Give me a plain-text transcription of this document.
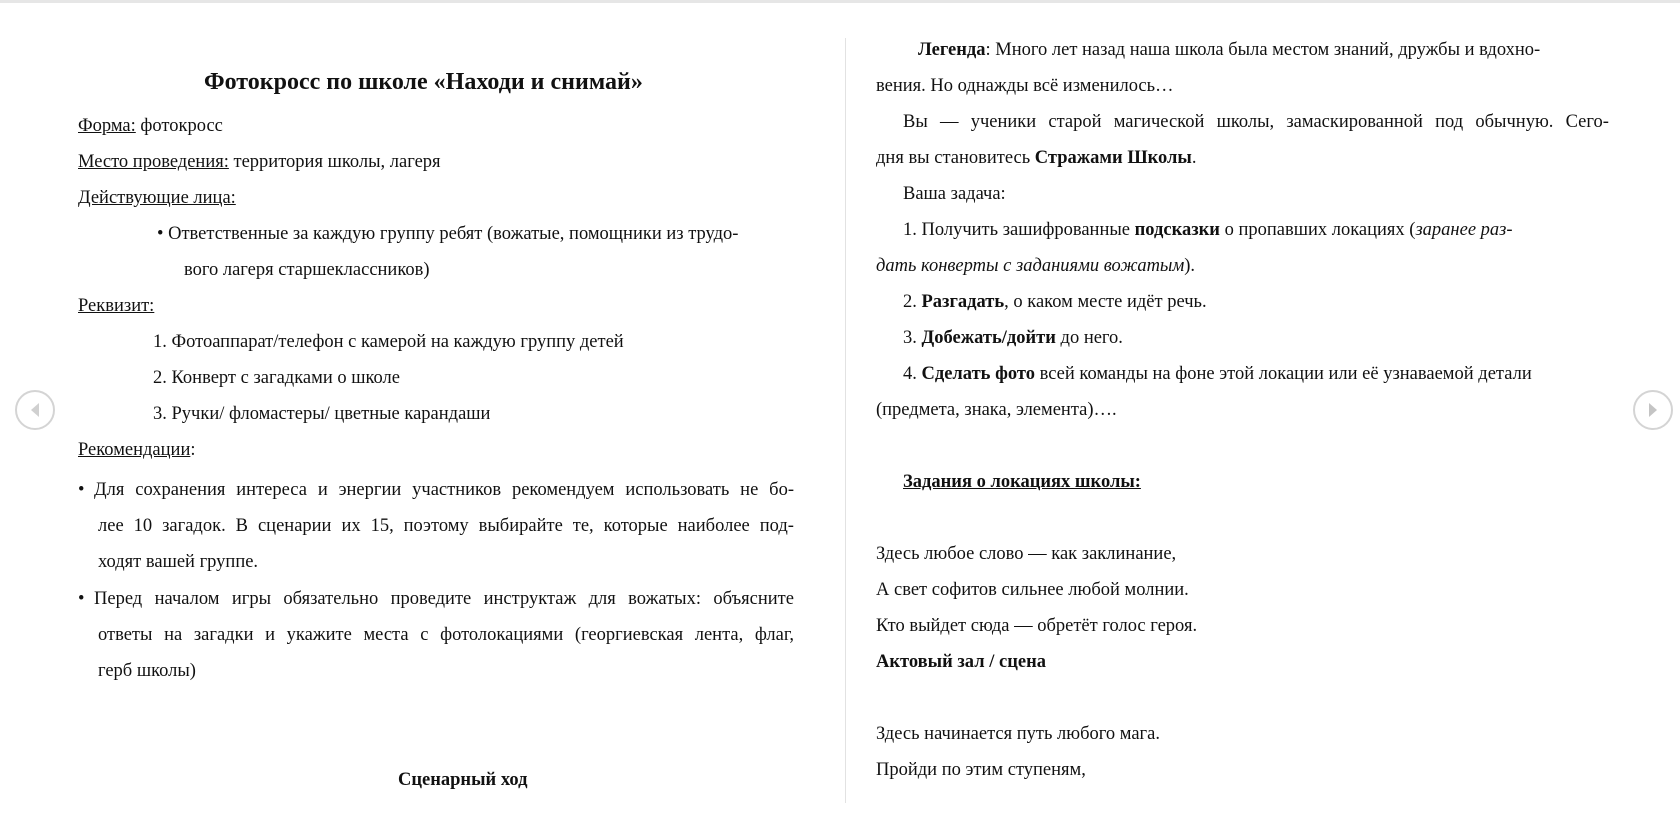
Фотокросс по школе «Находи и снимай»
Форма: фотокросс
Место проведения: территория школы, лагеря
Действующие лица:
• Ответственные за каждую группу ребят (вожатые, помощники из трудо-
вого лагеря старшеклассников)
Реквизит:
1. Фотоаппарат/телефон с камерой на каждую группу детей
2. Конверт с загадками о школе
3. Ручки/ фломастеры/ цветные карандаши
Рекомендации:
• Для сохранения интереса и энергии участников рекомендуем использовать не бо-
лее 10 загадок. В сценарии их 15, поэтому выбирайте те, которые наиболее под-
ходят вашей группе.
• Перед началом игры обязательно проведите инструктаж для вожатых: объясните
ответы на загадки и укажите места с фотолокациями (георгиевская лента, флаг,
герб школы)
Сценарный ход
Легенда: Много лет назад наша школа была местом знаний, дружбы и вдохно-
вения. Но однажды всё изменилось…
Вы — ученики старой магической школы, замаскированной под обычную. Сего-
дня вы становитесь Стражами Школы.
Ваша задача:
1. Получить зашифрованные подсказки о пропавших локациях (заранее раз-
дать конверты с заданиями вожатым).
2. Разгадать, о каком месте идёт речь.
3. Добежать/дойти до него.
4. Сделать фото всей команды на фоне этой локации или её узнаваемой детали
(предмета, знака, элемента)….
Задания о локациях школы:
Здесь любое слово — как заклинание,
А свет софитов сильнее любой молнии.
Кто выйдет сюда — обретёт голос героя.
Актовый зал / сцена
Здесь начинается путь любого мага.
Пройди по этим ступеням,
